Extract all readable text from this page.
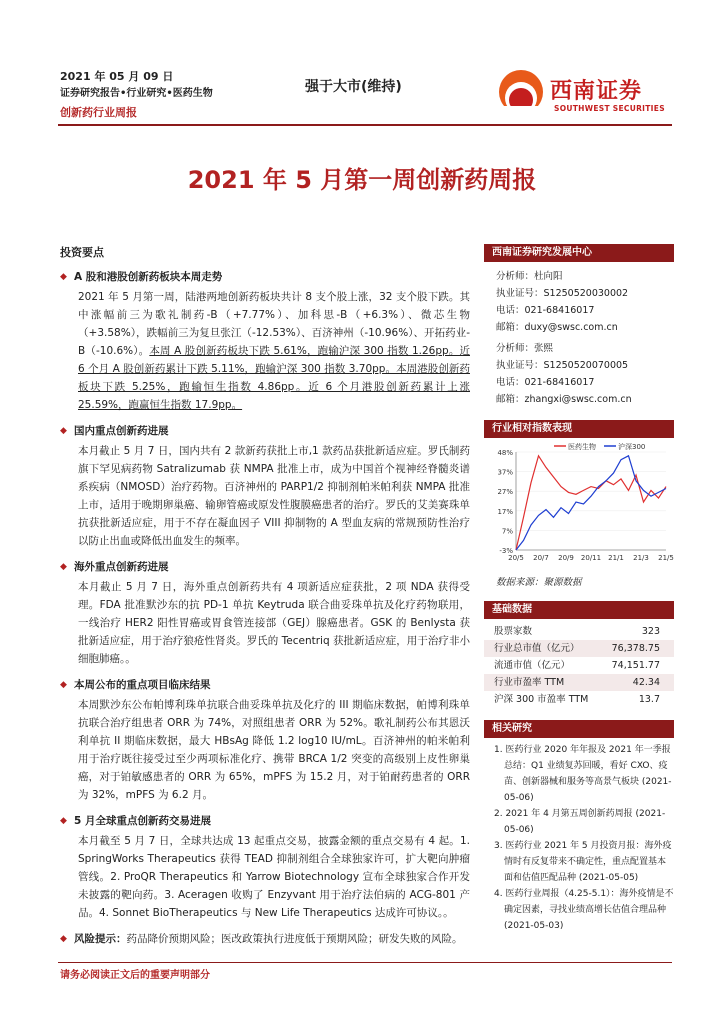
2021 年 05 月 09 日
证券研究报告•行业研究•医药生物
创新药行业周报
强于大市(维持)	西南证券
SOUTHWEST SECURITIES
2021 年 5 月第一周创新药周报
投资要点
◆ A 股和港股创新药板块本周走势
2021 年 5 月第一周，陆港两地创新药板块共计 8 支个股上涨，32 支个股下跌。其中涨幅前三为歌礼制药-B（+7.77%）、加科思-B（+6.3%）、微芯生物（+3.58%），跌幅前三为复旦张江（-12.53%）、百济神州（-10.96%）、开拓药业-B（-10.6%）。本周 A 股创新药板块下跌 5.61%，跑输沪深 300 指数 1.26pp。近 6 个月 A 股创新药累计下跌 5.11%，跑输沪深 300 指数 3.70pp。本周港股创新药板块下跌 5.25%，跑输恒生指数 4.86pp。近 6 个月港股创新药累计上涨 25.59%，跑赢恒生指数 17.9pp。
◆ 国内重点创新药进展
本月截止 5 月 7 日，国内共有 2 款新药获批上市,1 款药品获批新适应症。罗氏制药旗下罕见病药物 Satralizumab 获 NMPA 批准上市，成为中国首个视神经脊髓炎谱系疾病（NMOSD）治疗药物。百济神州的 PARP1/2 抑制剂帕米帕利获 NMPA 批准上市，适用于晚期卵巢癌、输卵管癌或原发性腹膜癌患者的治疗。罗氏的艾美赛珠单抗获批新适应症，用于不存在凝血因子 VIII 抑制物的 A 型血友病的常规预防性治疗以防止出血或降低出血发生的频率。
◆ 海外重点创新药进展
本月截止 5 月 7 日，海外重点创新药共有 4 项新适应症获批，2 项 NDA 获得受理。FDA 批准默沙东的抗 PD-1 单抗 Keytruda 联合曲妥珠单抗及化疗药物联用，一线治疗 HER2 阳性胃癌或胃食管连接部（GEJ）腺癌患者。GSK 的 Benlysta 获批新适应症，用于治疗狼疮性肾炎。罗氏的 Tecentriq 获批新适应症，用于治疗非小细胞肺癌。。
◆ 本周公布的重点项目临床结果
本周默沙东公布帕博利珠单抗联合曲妥珠单抗及化疗的 III 期临床数据，帕博利珠单抗联合治疗组患者 ORR 为 74%，对照组患者 ORR 为 52%。歌礼制药公布其恩沃利单抗 II 期临床数据，最大 HBsAg 降低 1.2 log10 IU/mL。百济神州的帕米帕利用于治疗既往接受过至少两项标准化疗、携带 BRCA 1/2 突变的高级别上皮性卵巢癌，对于铂敏感患者的 ORR 为 65%，mPFS 为 15.2 月，对于铂耐药患者的 ORR 为 32%，mPFS 为 6.2 月。
◆ 5 月全球重点创新药交易进展
本月截至 5 月 7 日，全球共达成 13 起重点交易，披露金额的重点交易有 4 起。1. SpringWorks Therapeutics 获得 TEAD 抑制剂组合全球独家许可，扩大靶向肿瘤管线。2. ProQR Therapeutics 和 Yarrow Biotechnology 宣布全球独家合作开发未披露的靶向药。3. Aceragen 收购了 Enzyvant 用于治疗法伯病的 ACG-801 产品。4. Sonnet BioTherapeutics 与 New Life Therapeutics 达成许可协议。。
◆ 风险提示：药品降价预期风险；医改政策执行进度低于预期风险；研发失败的风险。
西南证券研究发展中心
分析师：杜向阳
执业证号：S1250520030002
电话：021-68416017
邮箱：duxy@swsc.com.cn
分析师：张熙
执业证号：S1250520070005
电话：021-68416017
邮箱：zhangxi@swsc.com.cn
行业相对指数表现
-3%
7%
17%
27%
37%
48%
20/5 20/7 20/9 20/11 21/1 21/3 21/5
医药生物	沪深300
数据来源：聚源数据
基础数据
股票家数	323
行业总市值（亿元）	76,378.75
流通市值（亿元）	74,151.77
行业市盈率 TTM	42.34
沪深 300 市盈率 TTM	13.7
相关研究
1. 医药行业 2020 年年报及 2021 年一季报总结：Q1 业绩复苏回暖，看好 CXO、疫苗、创新器械和服务等高景气板块 (2021-05-06)
2. 2021 年 4 月第五周创新药周报 (2021-05-06)
3. 医药行业 2021 年 5 月投资月报：海外疫情时有反复带来不确定性，重点配置基本面和估值匹配品种 (2021-05-05)
4. 医药行业周报（4.25-5.1）：海外疫情是不确定因素，寻找业绩高增长估值合理品种　(2021-05-03)
请务必阅读正文后的重要声明部分
